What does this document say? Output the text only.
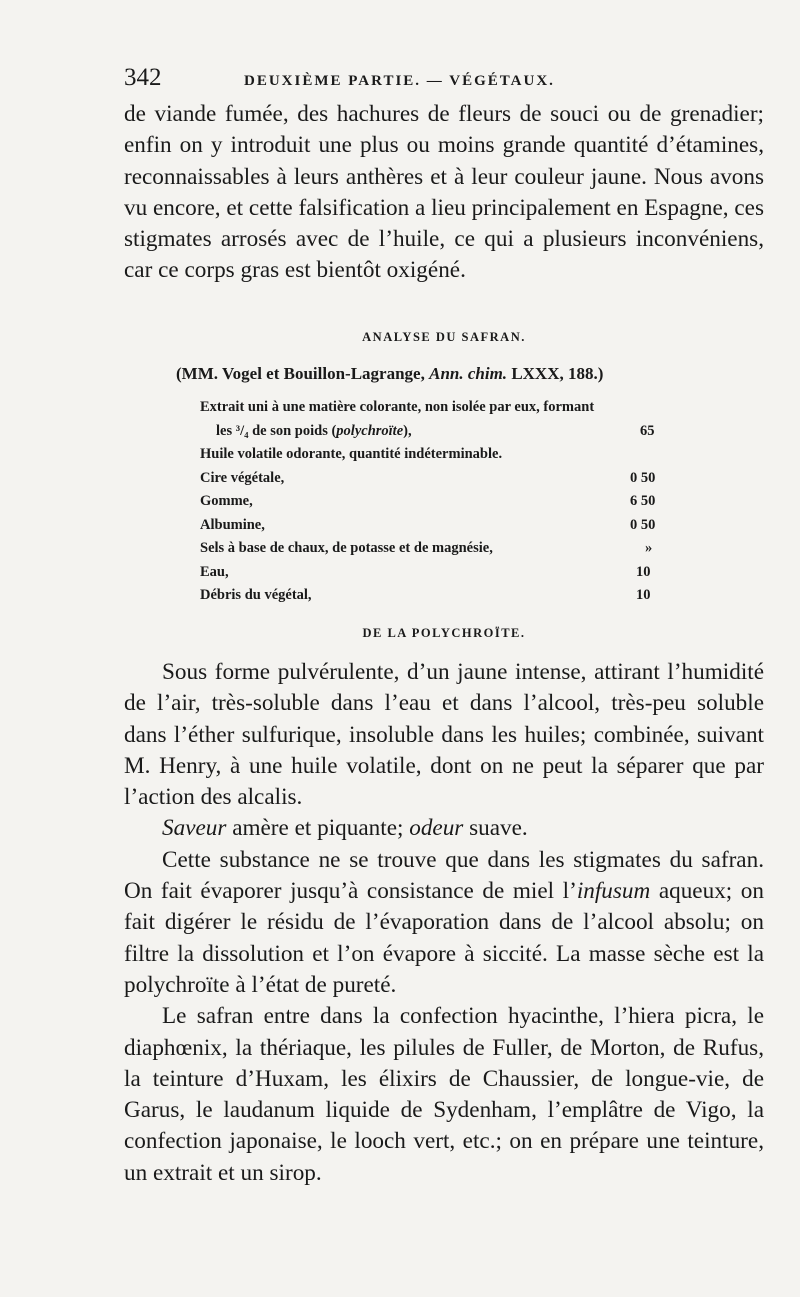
342	DEUXIÈME PARTIE. — VÉGÉTAUX.

de viande fumée, des hachures de fleurs de souci ou de grenadier; enfin on y introduit une plus ou moins grande quantité d’étamines, reconnaissables à leurs anthères et à leur couleur jaune. Nous avons vu encore, et cette falsification a lieu principalement en Espagne, ces stigmates arrosés avec de l’huile, ce qui a plusieurs inconvéniens, car ce corps gras est bientôt oxigéné.

ANALYSE DU SAFRAN.
(MM. Vogel et Bouillon-Lagrange, Ann. chim. LXXX, 188.)
Extrait uni à une matière colorante, non isolée par eux, formant
les ³/₄ de son poids (polychroïte),	65
Huile volatile odorante, quantité indéterminable.
Cire végétale,	0 50
Gomme,	6 50
Albumine,	0 50
Sels à base de chaux, de potasse et de magnésie,	»
Eau,	10
Débris du végétal,	10
DE LA POLYCHROÏTE.

Sous forme pulvérulente, d’un jaune intense, attirant l’humidité de l’air, très-soluble dans l’eau et dans l’alcool, très-peu soluble dans l’éther sulfurique, insoluble dans les huiles; combinée, suivant M. Henry, à une huile volatile, dont on ne peut la séparer que par l’action des alcalis.

Saveur amère et piquante; odeur suave.

Cette substance ne se trouve que dans les stigmates du safran. On fait évaporer jusqu’à consistance de miel l’infusum aqueux; on fait digérer le résidu de l’évaporation dans de l’alcool absolu; on filtre la dissolution et l’on évapore à siccité. La masse sèche est la polychroïte à l’état de pureté.

Le safran entre dans la confection hyacinthe, l’hiera picra, le diaphœnix, la thériaque, les pilules de Fuller, de Morton, de Rufus, la teinture d’Huxam, les élixirs de Chaussier, de longue-vie, de Garus, le laudanum liquide de Sydenham, l’emplâtre de Vigo, la confection japonaise, le looch vert, etc.; on en prépare une teinture, un extrait et un sirop.
